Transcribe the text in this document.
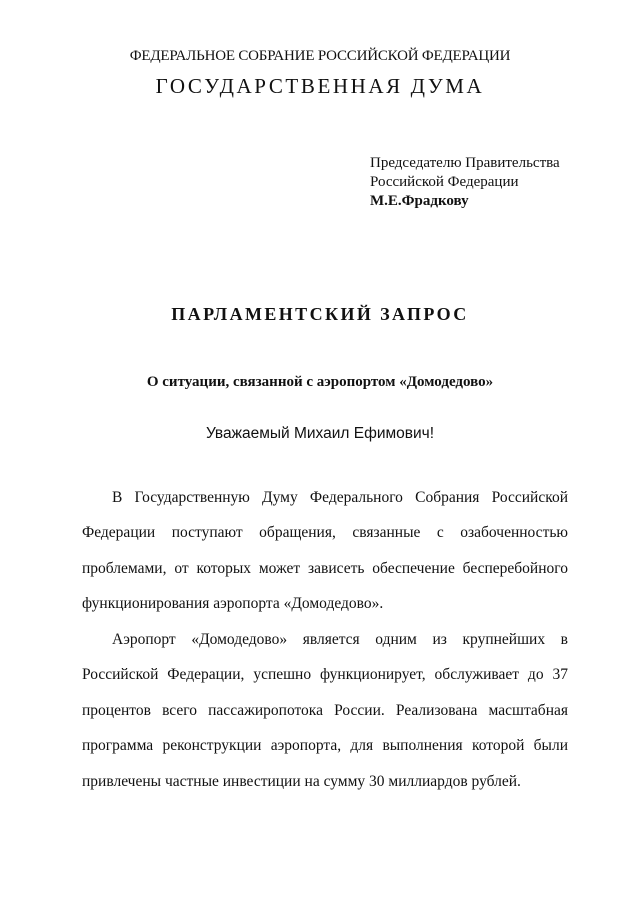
ФЕДЕРАЛЬНОЕ СОБРАНИЕ РОССИЙСКОЙ ФЕДЕРАЦИИ
ГОСУДАРСТВЕННАЯ ДУМА
Председателю Правительства
Российской Федерации
М.Е.Фрадкову
ПАРЛАМЕНТСКИЙ ЗАПРОС
О ситуации, связанной с аэропортом «Домодедово»
Уважаемый Михаил Ефимович!

В Государственную Думу Федерального Собрания Российской Федерации поступают обращения, связанные с озабоченностью проблемами, от которых может зависеть обеспечение бесперебойного функционирования аэропорта «Домодедово».

Аэропорт «Домодедово» является одним из крупнейших в Российской Федерации, успешно функционирует, обслуживает до 37 процентов всего пассажиропотока России. Реализована масштабная программа реконструкции аэропорта, для выполнения которой были привлечены частные инвестиции на сумму 30 миллиардов рублей.
